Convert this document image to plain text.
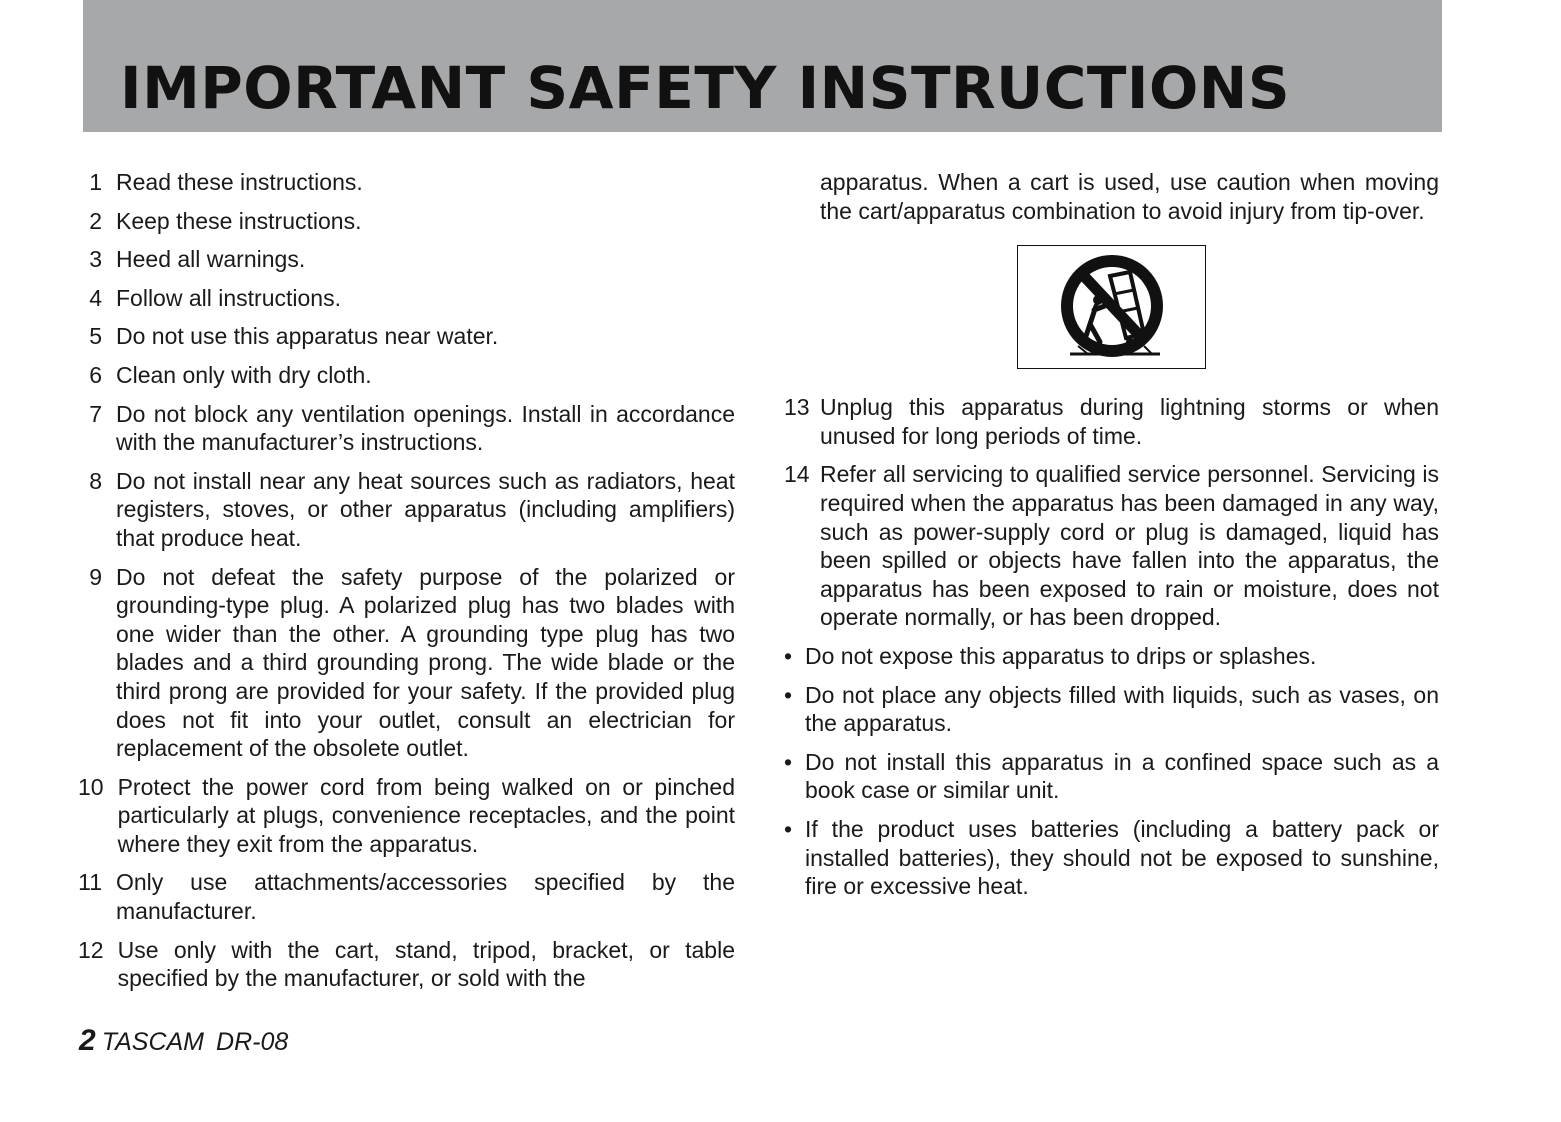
IMPORTANT SAFETY INSTRUCTIONS
1 Read these instructions.
2 Keep these instructions.
3 Heed all warnings.
4 Follow all instructions.
5 Do not use this apparatus near water.
6 Clean only with dry cloth.
7 Do not block any ventilation openings. Install in accordance with the manufacturer’s instructions.
8 Do not install near any heat sources such as radiators, heat registers, stoves, or other apparatus (including amplifiers) that produce heat.
9 Do not defeat the safety purpose of the polarized or grounding-type plug. A polarized plug has two blades with one wider than the other. A grounding type plug has two blades and a third grounding prong. The wide blade or the third prong are provided for your safety. If the provided plug does not fit into your outlet, consult an electrician for replacement of the obsolete outlet.
10 Protect the power cord from being walked on or pinched particularly at plugs, convenience receptacles, and the point where they exit from the apparatus.
11 Only use attachments/accessories specified by the manufacturer.
12 Use only with the cart, stand, tripod, bracket, or table specified by the manufacturer, or sold with the
apparatus. When a cart is used, use caution when moving the cart/apparatus combination to avoid injury from tip-over.
13 Unplug this apparatus during lightning storms or when unused for long periods of time.
14 Refer all servicing to qualified service personnel. Servicing is required when the apparatus has been damaged in any way, such as power-supply cord or plug is damaged, liquid has been spilled or objects have fallen into the apparatus, the apparatus has been exposed to rain or moisture, does not operate normally, or has been dropped.
• Do not expose this apparatus to drips or splashes.
• Do not place any objects filled with liquids, such as vases, on the apparatus.
• Do not install this apparatus in a confined space such as a book case or similar unit.
• If the product uses batteries (including a battery pack or installed batteries), they should not be exposed to sunshine, fire or excessive heat.
2 TASCAM DR-08
